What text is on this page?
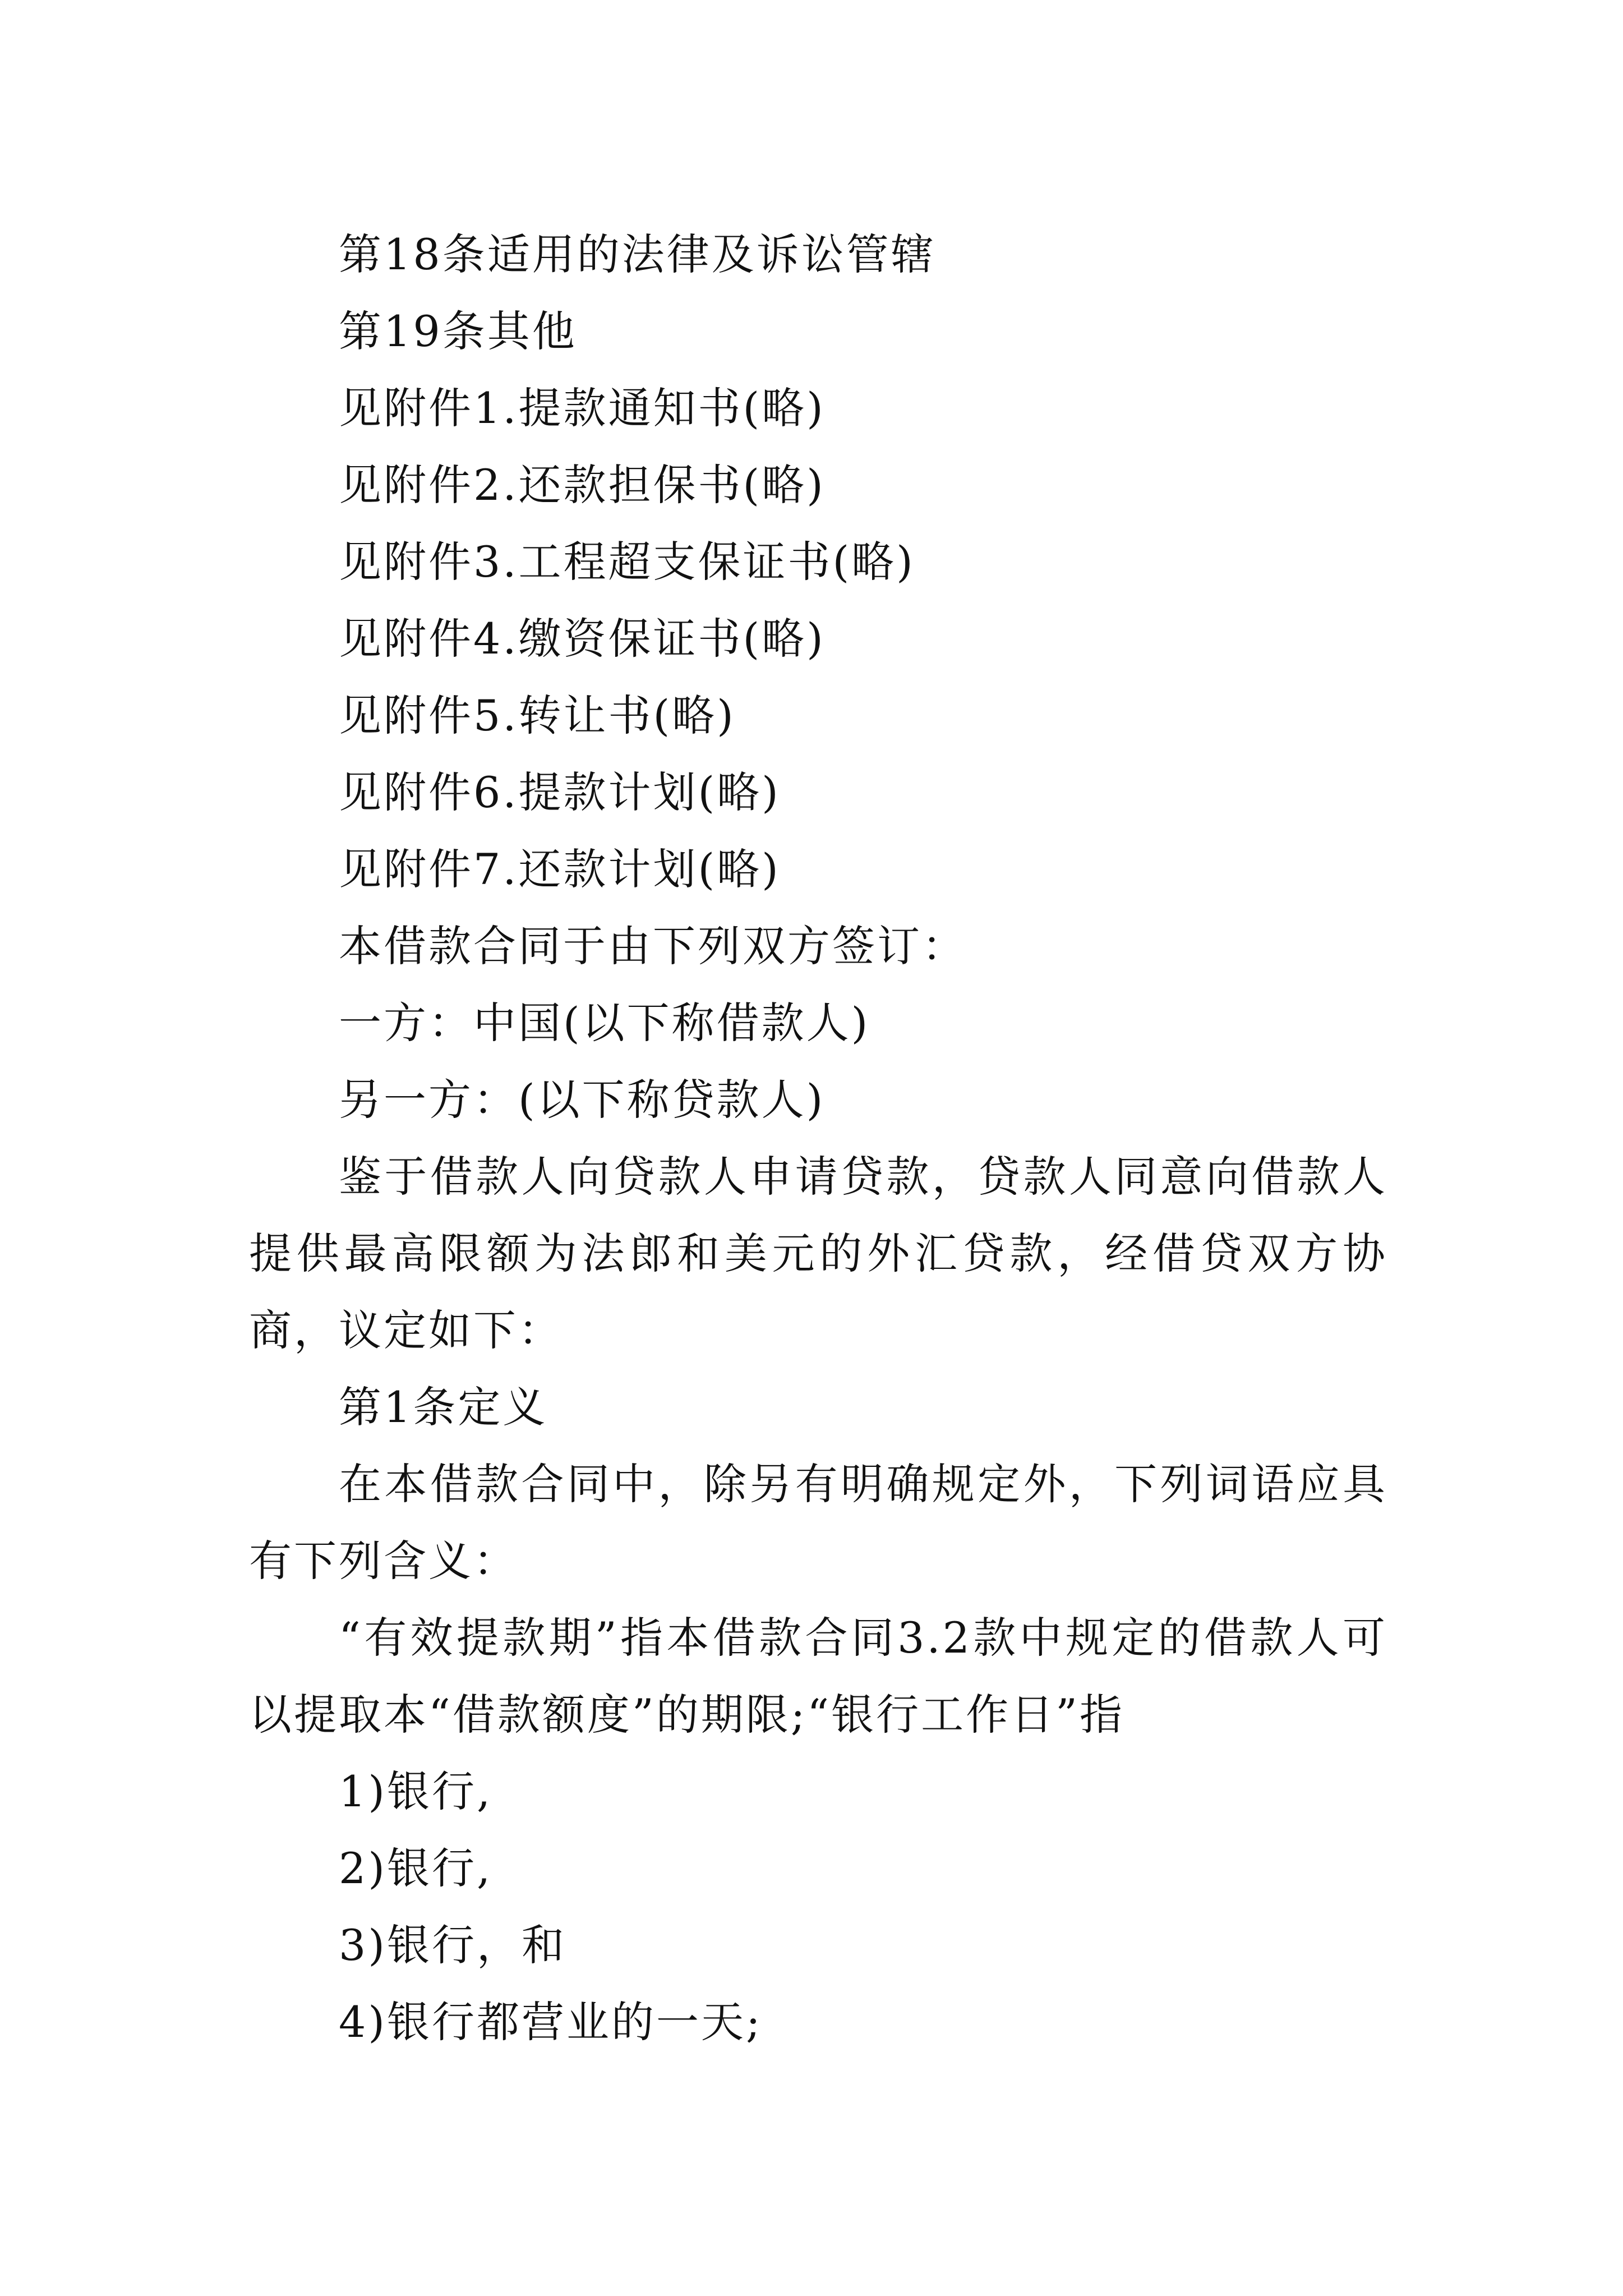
第18条适用的法律及诉讼管辖

第19条其他

见附件1.提款通知书(略)

见附件2.还款担保书(略)

见附件3.工程超支保证书(略)

见附件4.缴资保证书(略)

见附件5.转让书(略)

见附件6.提款计划(略)

见附件7.还款计划(略)

本借款合同于由下列双方签订：

一方：中国(以下称借款人)

另一方：(以下称贷款人)

鉴于借款人向贷款人申请贷款，贷款人同意向借款人提供最高限额为法郎和美元的外汇贷款，经借贷双方协商，议定如下：

第1条定义

在本借款合同中，除另有明确规定外，下列词语应具有下列含义：

“有效提款期”指本借款合同3.2款中规定的借款人可以提取本“借款额度”的期限;“银行工作日”指

1)银行,

2)银行,

3)银行，和

4)银行都营业的一天;
